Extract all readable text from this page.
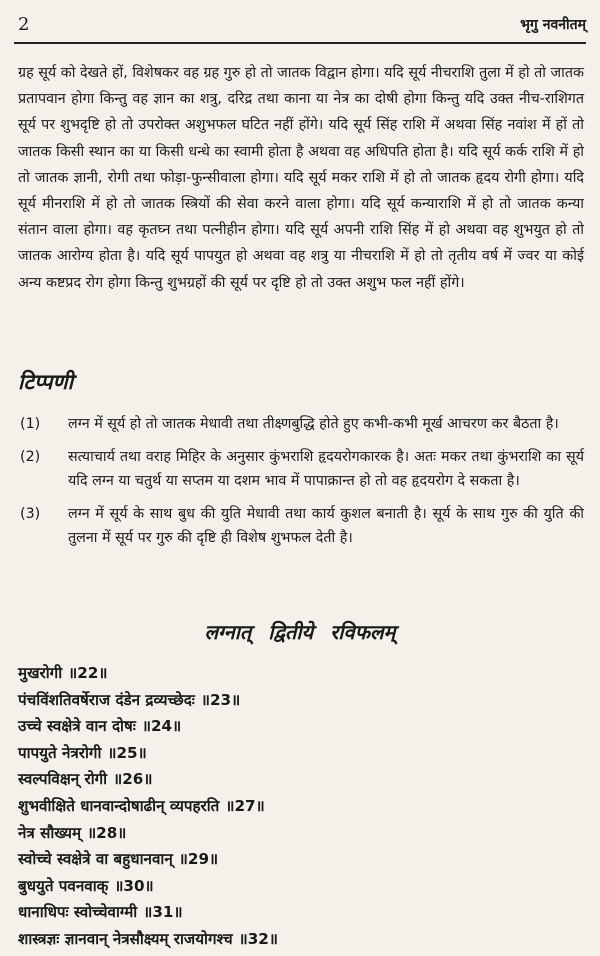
2	भृगु नवनीतम्

ग्रह सूर्य को देखते हों, विशेषकर वह ग्रह गुरु हो तो जातक विद्वान होगा। यदि सूर्य नीचराशि तुला में हो तो जातक प्रतापवान होगा किन्तु वह ज्ञान का शत्रु, दरिद्र तथा काना या नेत्र का दोषी होगा किन्तु यदि उक्त नीच-राशिगत सूर्य पर शुभदृष्टि हो तो उपरोक्त अशुभफल घटित नहीं होंगे। यदि सूर्य सिंह राशि में अथवा सिंह नवांश में हों तो जातक किसी स्थान का या किसी धन्धे का स्वामी होता है अथवा वह अधिपति होता है। यदि सूर्य कर्क राशि में हो तो जातक ज्ञानी, रोगी तथा फोड़ा-फुन्सीवाला होगा। यदि सूर्य मकर राशि में हो तो जातक हृदय रोगी होगा। यदि सूर्य मीनराशि में हो तो जातक स्त्रियों की सेवा करने वाला होगा। यदि सूर्य कन्याराशि में हो तो जातक कन्या संतान वाला होगा। वह कृतघ्न तथा पत्नीहीन होगा। यदि सूर्य अपनी राशि सिंह में हो अथवा वह शुभयुत हो तो जातक आरोग्य होता है। यदि सूर्य पापयुत हो अथवा वह शत्रु या नीचराशि में हो तो तृतीय वर्ष में ज्वर या कोई अन्य कष्टप्रद रोग होगा किन्तु शुभग्रहों की सूर्य पर दृष्टि हो तो उक्त अशुभ फल नहीं होंगे।

टिप्पणी
(1)	लग्न में सूर्य हो तो जातक मेधावी तथा तीक्ष्णबुद्धि होते हुए कभी-कभी मूर्ख आचरण कर बैठता है।
(2)	सत्याचार्य तथा वराह मिहिर के अनुसार कुंभराशि हृदयरोगकारक है। अतः मकर तथा कुंभराशि का सूर्य यदि लग्न या चतुर्थ या सप्तम या दशम भाव में पापाक्रान्त हो तो वह हृदयरोग दे सकता है।
(3)	लग्न में सूर्य के साथ बुध की युति मेधावी तथा कार्य कुशल बनाती है। सूर्य के साथ गुरु की युति की तुलना में सूर्य पर गुरु की दृष्टि ही विशेष शुभफल देती है।
लग्नात् द्वितीये रविफलम्
मुखरोगी ॥22॥
पंचविंशतिवर्षेराज दंडेन द्रव्यच्छेदः ॥23॥
उच्चे स्वक्षेत्रे वान दोषः ॥24॥
पापयुते नेत्ररोगी ॥25॥
स्वल्पविक्षन् रोगी ॥26॥
शुभवीक्षिते धानवान्दोषाढीन् व्यपहरति ॥27॥
नेत्र सौख्यम् ॥28॥
स्वोच्चे स्वक्षेत्रे वा बहुधानवान् ॥29॥
बुधयुते पवनवाक् ॥30॥
धानाधिपः स्वोच्चेवाग्मी ॥31॥
शास्त्रज्ञः ज्ञानवान् नेत्रसौक्ष्यम् राजयोगश्च ॥32॥
